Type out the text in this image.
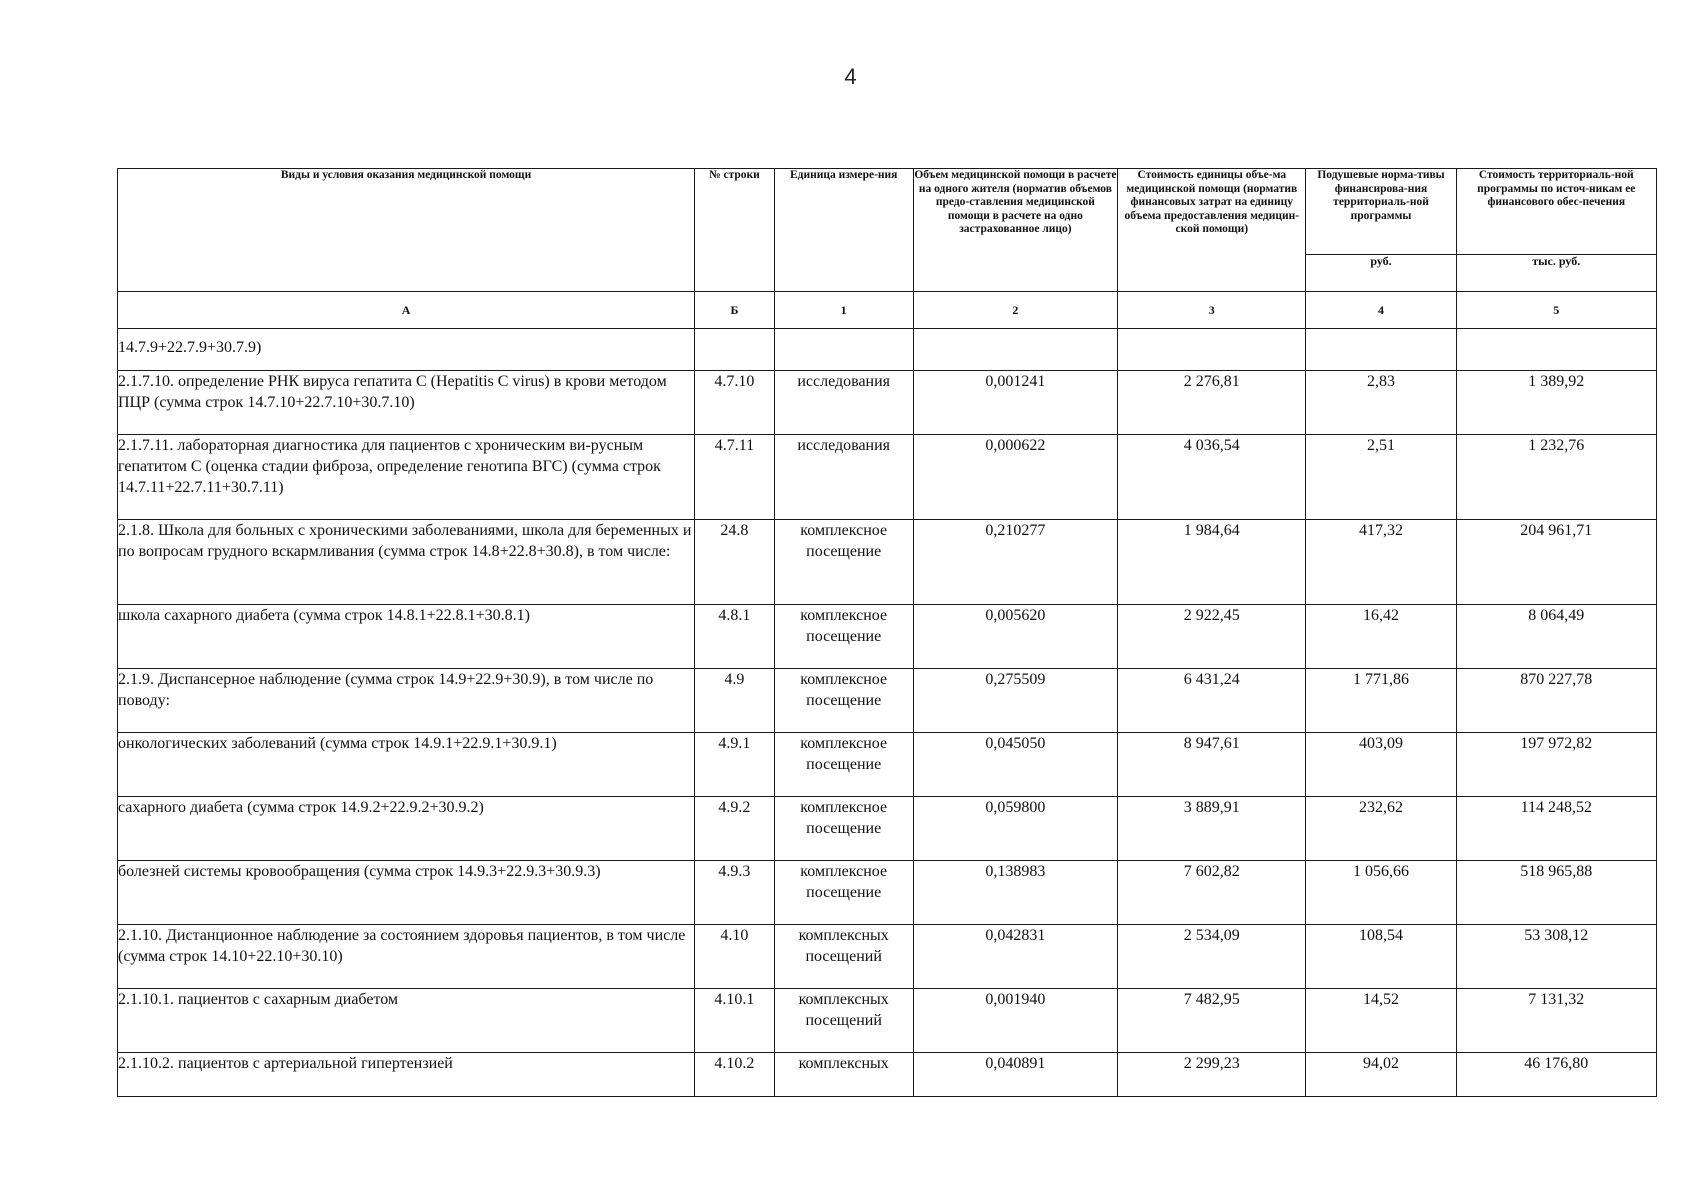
4
Виды и условия оказания медицинской помощи	№ строки	Единица измере-ния	Объем медицинской помощи в расчете на одного жителя (норматив объемов предо-ставления медицинской помощи в расчете на одно застрахованное лицо)	Стоимость единицы объе-ма медицинской помощи (норматив финансовых затрат на единицу объема предоставления медицин-ской помощи)	Подушевые норма-тивы финансирова-ния территориаль-ной программы	Стоимость территориаль-ной программы по источ-никам ее финансового обес-печения
					руб.	тыс. руб.
А	Б	1	2	3	4	5
14.7.9+22.7.9+30.7.9)						
2.1.7.10. определение РНК вируса гепатита С (Hepatitis C virus) в крови методом ПЦР (сумма строк 14.7.10+22.7.10+30.7.10)	4.7.10	исследования	0,001241	2 276,81	2,83	1 389,92
2.1.7.11. лабораторная диагностика для пациентов с хроническим ви-русным гепатитом С (оценка стадии фиброза, определение генотипа ВГС) (сумма строк 14.7.11+22.7.11+30.7.11)	4.7.11	исследования	0,000622	4 036,54	2,51	1 232,76
2.1.8. Школа для больных с хроническими заболеваниями, школа для беременных и по вопросам грудного вскармливания (сумма строк 14.8+22.8+30.8), в том числе:	24.8	комплексное посещение	0,210277	1 984,64	417,32	204 961,71
школа сахарного диабета (сумма строк 14.8.1+22.8.1+30.8.1)	4.8.1	комплексное посещение	0,005620	2 922,45	16,42	8 064,49
2.1.9. Диспансерное наблюдение (сумма строк 14.9+22.9+30.9), в том числе по поводу:	4.9	комплексное посещение	0,275509	6 431,24	1 771,86	870 227,78
онкологических заболеваний (сумма строк 14.9.1+22.9.1+30.9.1)	4.9.1	комплексное посещение	0,045050	8 947,61	403,09	197 972,82
сахарного диабета (сумма строк 14.9.2+22.9.2+30.9.2)	4.9.2	комплексное посещение	0,059800	3 889,91	232,62	114 248,52
болезней системы кровообращения (сумма строк 14.9.3+22.9.3+30.9.3)	4.9.3	комплексное посещение	0,138983	7 602,82	1 056,66	518 965,88
2.1.10. Дистанционное наблюдение за состоянием здоровья пациентов, в том числе (сумма строк 14.10+22.10+30.10)	4.10	комплексных посещений	0,042831	2 534,09	108,54	53 308,12
2.1.10.1. пациентов с сахарным диабетом	4.10.1	комплексных посещений	0,001940	7 482,95	14,52	7 131,32
2.1.10.2. пациентов с артериальной гипертензией	4.10.2	комплексных	0,040891	2 299,23	94,02	46 176,80
